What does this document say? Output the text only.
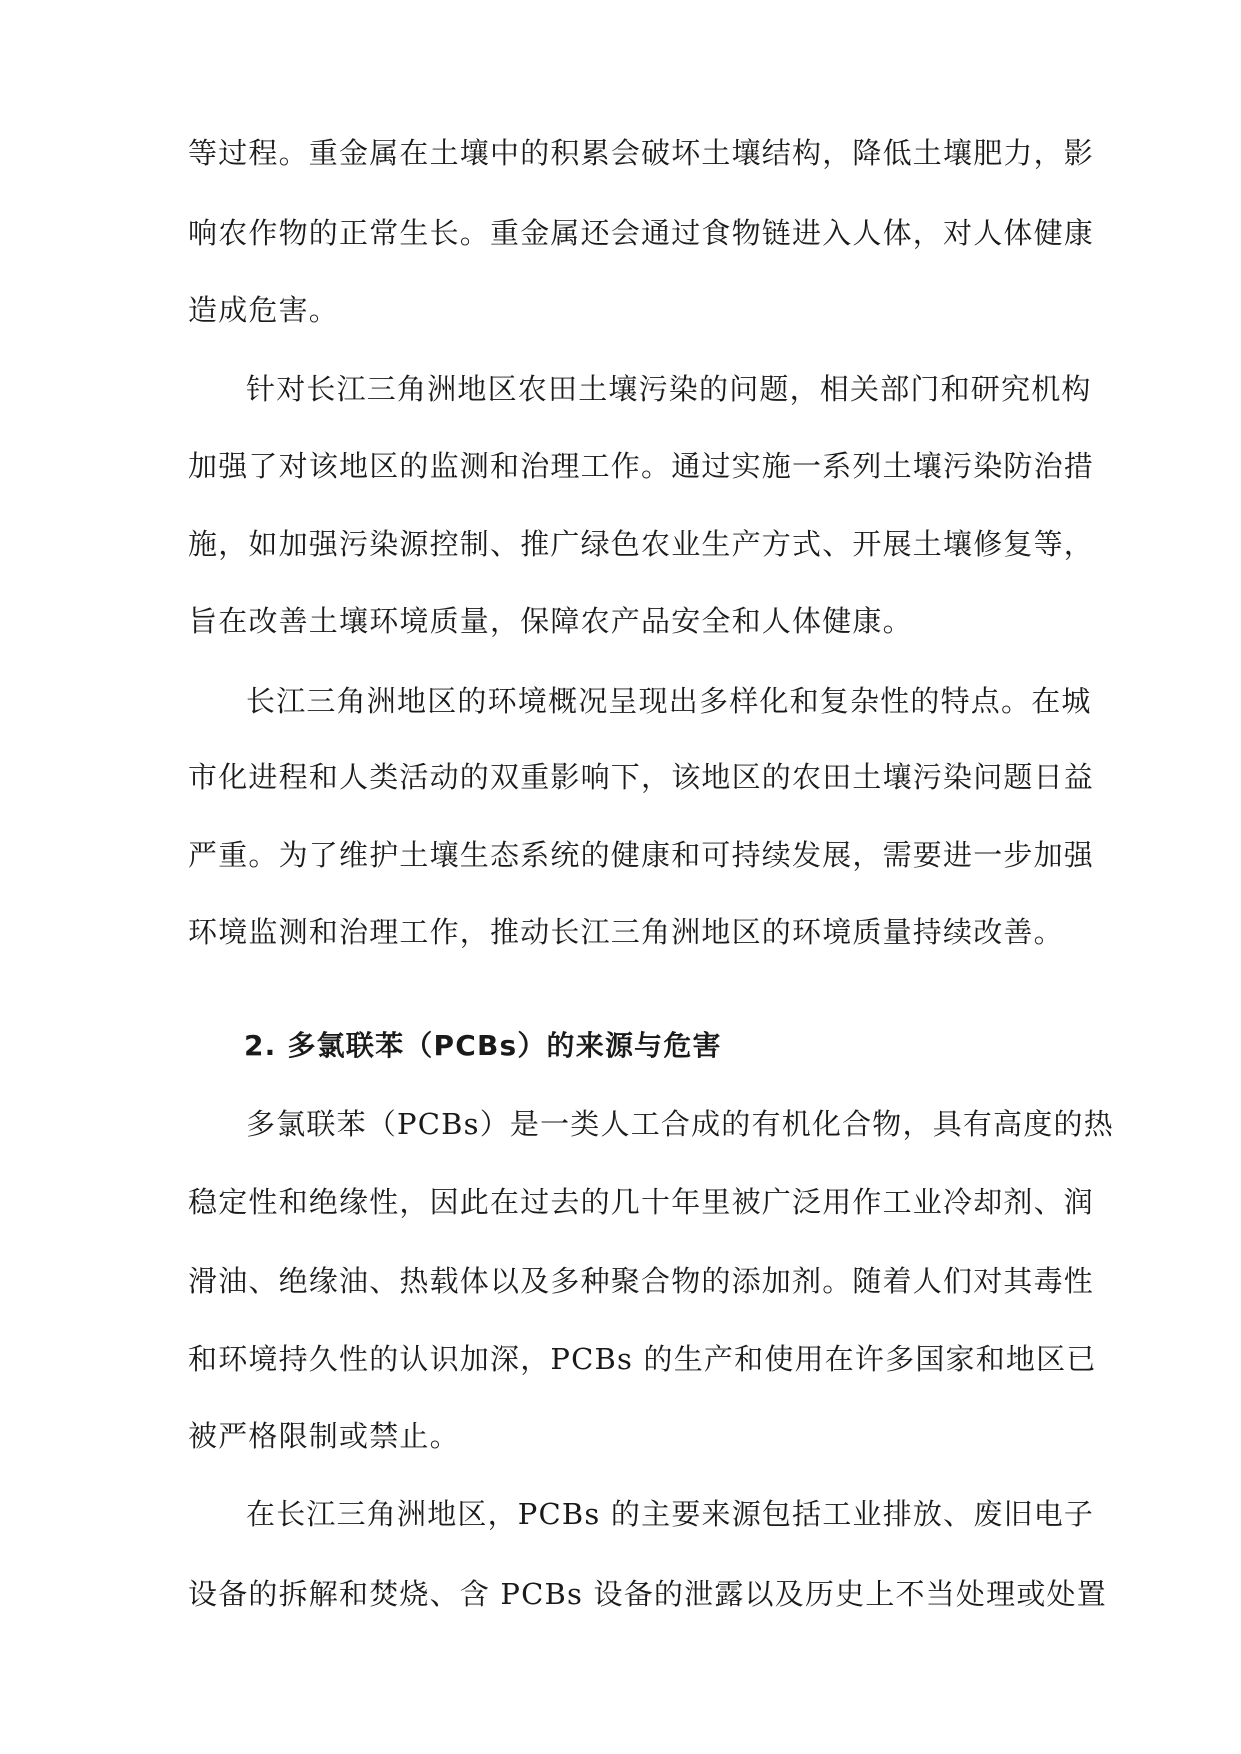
等过程。重金属在土壤中的积累会破坏土壤结构，降低土壤肥力，影
响农作物的正常生长。重金属还会通过食物链进入人体，对人体健康
造成危害。
针对长江三角洲地区农田土壤污染的问题，相关部门和研究机构
加强了对该地区的监测和治理工作。通过实施一系列土壤污染防治措
施，如加强污染源控制、推广绿色农业生产方式、开展土壤修复等，
旨在改善土壤环境质量，保障农产品安全和人体健康。
长江三角洲地区的环境概况呈现出多样化和复杂性的特点。在城
市化进程和人类活动的双重影响下，该地区的农田土壤污染问题日益
严重。为了维护土壤生态系统的健康和可持续发展，需要进一步加强
环境监测和治理工作，推动长江三角洲地区的环境质量持续改善。
2. 多氯联苯（PCBs）的来源与危害
多氯联苯（PCBs）是一类人工合成的有机化合物，具有高度的热
稳定性和绝缘性，因此在过去的几十年里被广泛用作工业冷却剂、润
滑油、绝缘油、热载体以及多种聚合物的添加剂。随着人们对其毒性
和环境持久性的认识加深，PCBs 的生产和使用在许多国家和地区已
被严格限制或禁止。
在长江三角洲地区，PCBs 的主要来源包括工业排放、废旧电子
设备的拆解和焚烧、含 PCBs 设备的泄露以及历史上不当处理或处置
